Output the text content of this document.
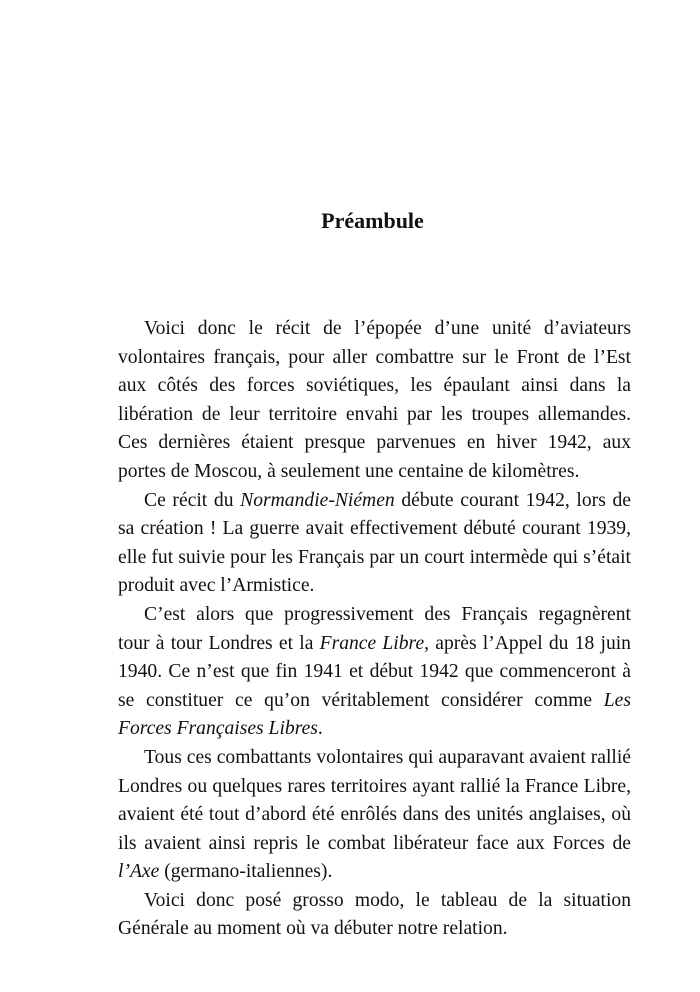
Préambule

Voici donc le récit de l’épopée d’une unité d’aviateurs volontaires français, pour aller combattre sur le Front de l’Est aux côtés des forces soviétiques, les épaulant ainsi dans la libération de leur territoire envahi par les troupes allemandes. Ces dernières étaient presque parvenues en hiver 1942, aux portes de Moscou, à seulement une centaine de kilomètres.

Ce récit du Normandie-Niémen débute courant 1942, lors de sa création ! La guerre avait effectivement débuté courant 1939, elle fut suivie pour les Français par un court intermède qui s’était produit avec l’Armistice.

C’est alors que progressivement des Français regagnèrent tour à tour Londres et la France Libre, après l’Appel du 18 juin 1940. Ce n’est que fin 1941 et début 1942 que commenceront à se constituer ce qu’on véritablement considérer comme Les Forces Françaises Libres.

Tous ces combattants volontaires qui auparavant avaient rallié Londres ou quelques rares territoires ayant rallié la France Libre, avaient été tout d’abord été enrôlés dans des unités anglaises, où ils avaient ainsi repris le combat libérateur face aux Forces de l’Axe (germano-italiennes).

Voici donc posé grosso modo, le tableau de la situation Générale au moment où va débuter notre relation.
